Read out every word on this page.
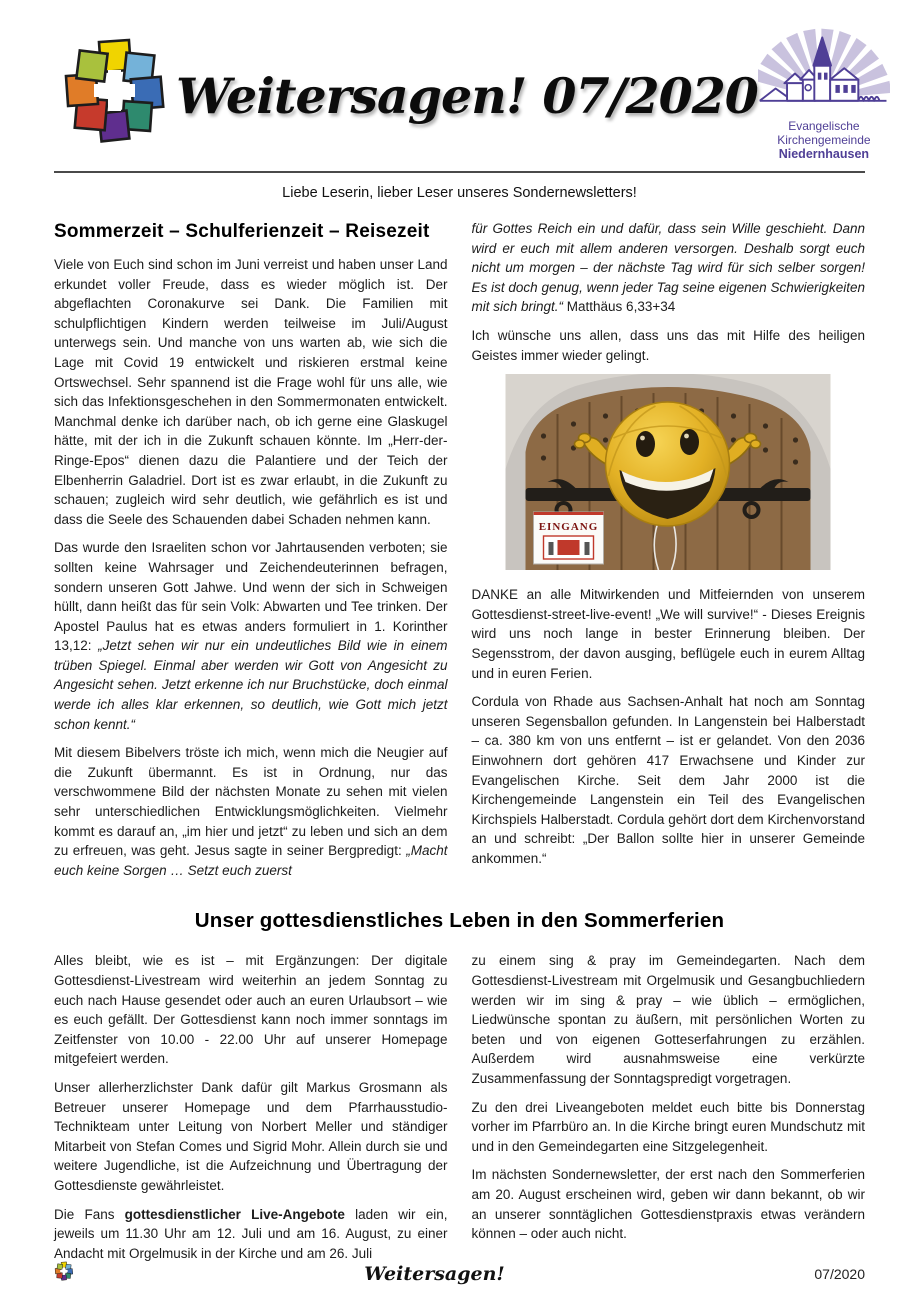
Weitersagen! 07/2020
Evangelische
Kirchengemeinde
Niedernhausen
Liebe Leserin, lieber Leser unseres Sondernewsletters!
Sommerzeit – Schulferienzeit – Reisezeit

Viele von Euch sind schon im Juni verreist und haben unser Land erkundet voller Freude, dass es wieder möglich ist. Der abgeflachten Coronakurve sei Dank. Die Familien mit schulpflichtigen Kindern werden teilweise im Juli/August unterwegs sein. Und manche von uns warten ab, wie sich die Lage mit Covid 19 entwickelt und riskieren erstmal keine Ortswechsel. Sehr spannend ist die Frage wohl für uns alle, wie sich das Infektionsgeschehen in den Sommermonaten entwickelt. Manchmal denke ich darüber nach, ob ich gerne eine Glaskugel hätte, mit der ich in die Zukunft schauen könnte. Im „Herr-der-Ringe-Epos“ dienen dazu die Palantiere und der Teich der Elbenherrin Galadriel. Dort ist es zwar erlaubt, in die Zukunft zu schauen; zugleich wird sehr deutlich, wie gefährlich es ist und dass die Seele des Schauenden dabei Schaden nehmen kann.

Das wurde den Israeliten schon vor Jahrtausenden verboten; sie sollten keine Wahrsager und Zeichendeuterinnen befragen, sondern unseren Gott Jahwe. Und wenn der sich in Schweigen hüllt, dann heißt das für sein Volk: Abwarten und Tee trinken. Der Apostel Paulus hat es etwas anders formuliert in 1. Korinther 13,12: „Jetzt sehen wir nur ein undeutliches Bild wie in einem trüben Spiegel. Einmal aber werden wir Gott von Angesicht zu Angesicht sehen. Jetzt erkenne ich nur Bruchstücke, doch einmal werde ich alles klar erkennen, so deutlich, wie Gott mich jetzt schon kennt.“

Mit diesem Bibelvers tröste ich mich, wenn mich die Neugier auf die Zukunft übermannt. Es ist in Ordnung, nur das verschwommene Bild der nächsten Monate zu sehen mit vielen sehr unterschiedlichen Entwicklungsmöglichkeiten. Vielmehr kommt es darauf an, „im hier und jetzt“ zu leben und sich an dem zu erfreuen, was geht. Jesus sagte in seiner Bergpredigt: „Macht euch keine Sorgen … Setzt euch zuerst

für Gottes Reich ein und dafür, dass sein Wille geschieht. Dann wird er euch mit allem anderen versorgen. Deshalb sorgt euch nicht um morgen – der nächste Tag wird für sich selber sorgen! Es ist doch genug, wenn jeder Tag seine eigenen Schwierigkeiten mit sich bringt.“ Matthäus 6,33+34

Ich wünsche uns allen, dass uns das mit Hilfe des heiligen Geistes immer wieder gelingt.

EINGANG

DANKE an alle Mitwirkenden und Mitfeiernden von unserem Gottesdienst-street-live-event! „We will survive!“ - Dieses Ereignis wird uns noch lange in bester Erinnerung bleiben. Der Segensstrom, der davon ausging, beflügele euch in eurem Alltag und in euren Ferien.

Cordula von Rhade aus Sachsen-Anhalt hat noch am Sonntag unseren Segensballon gefunden. In Langenstein bei Halberstadt – ca. 380 km von uns entfernt – ist er gelandet. Von den 2036 Einwohnern dort gehören 417 Erwachsene und Kinder zur Evangelischen Kirche. Seit dem Jahr 2000 ist die Kirchengemeinde Langenstein ein Teil des Evangelischen Kirchspiels Halberstadt. Cordula gehört dort dem Kirchenvorstand an und schreibt: „Der Ballon sollte hier in unserer Gemeinde ankommen.“

Unser gottesdienstliches Leben in den Sommerferien

Alles bleibt, wie es ist – mit Ergänzungen: Der digitale Gottesdienst-Livestream wird weiterhin an jedem Sonntag zu euch nach Hause gesendet oder auch an euren Urlaubsort – wie es euch gefällt. Der Gottesdienst kann noch immer sonntags im Zeitfenster von 10.00 - 22.00 Uhr auf unserer Homepage mitgefeiert werden.

Unser allerherzlichster Dank dafür gilt Markus Grosmann als Betreuer unserer Homepage und dem Pfarrhausstudio-Technikteam unter Leitung von Norbert Meller und ständiger Mitarbeit von Stefan Comes und Sigrid Mohr. Allein durch sie und weitere Jugendliche, ist die Aufzeichnung und Übertragung der Gottesdienste gewährleistet.

Die Fans gottesdienstlicher Live-Angebote laden wir ein, jeweils um 11.30 Uhr am 12. Juli und am 16. August, zu einer Andacht mit Orgelmusik in der Kirche und am 26. Juli

zu einem sing & pray im Gemeindegarten. Nach dem Gottesdienst-Livestream mit Orgelmusik und Gesangbuchliedern werden wir im sing & pray – wie üblich – ermöglichen, Liedwünsche spontan zu äußern, mit persönlichen Worten zu beten und von eigenen Gotteserfahrungen zu erzählen. Außerdem wird ausnahmsweise eine verkürzte Zusammenfassung der Sonntagspredigt vorgetragen.

Zu den drei Liveangeboten meldet euch bitte bis Donnerstag vorher im Pfarrbüro an. In die Kirche bringt euren Mundschutz mit und in den Gemeindegarten eine Sitzgelegenheit.

Im nächsten Sondernewsletter, der erst nach den Sommerferien am 20. August erscheinen wird, geben wir dann bekannt, ob wir an unserer sonntäglichen Gottesdienstpraxis etwas verändern können – oder auch nicht.

Weitersagen!	07/2020
